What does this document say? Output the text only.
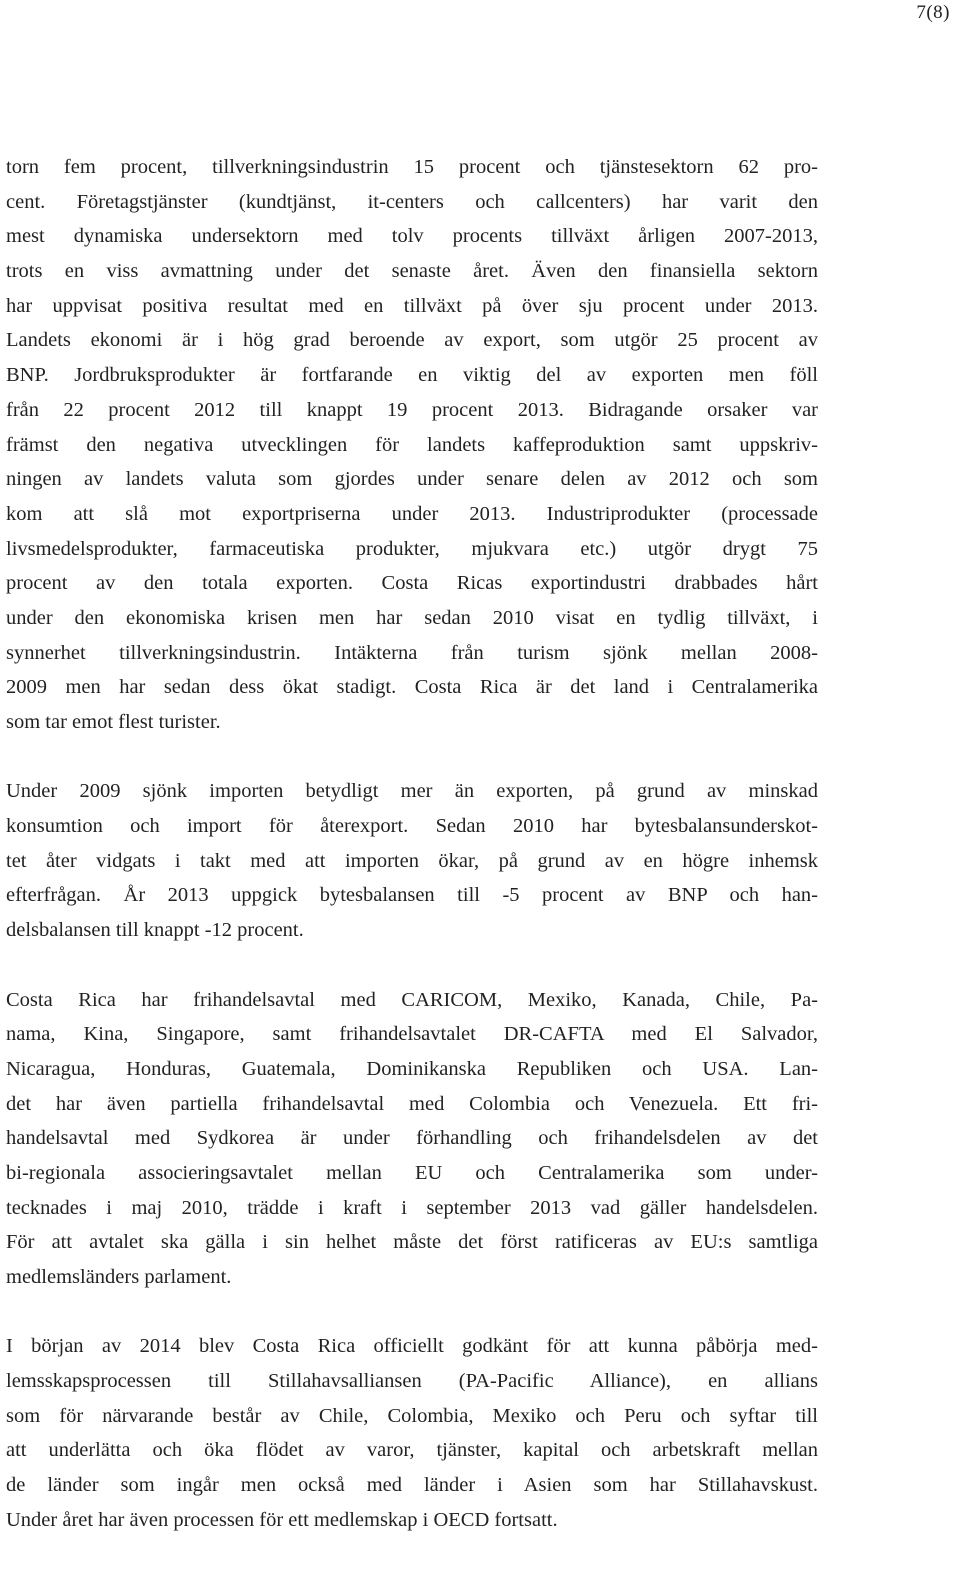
7(8)
torn fem procent, tillverkningsindustrin 15 procent och tjänstesektorn 62 pro-
cent. Företagstjänster (kundtjänst, it-centers och callcenters) har varit den
mest dynamiska undersektorn med tolv procents tillväxt årligen 2007-2013,
trots en viss avmattning under det senaste året. Även den finansiella sektorn
har uppvisat positiva resultat med en tillväxt på över sju procent under 2013.
Landets ekonomi är i hög grad beroende av export, som utgör 25 procent av
BNP. Jordbruksprodukter är fortfarande en viktig del av exporten men föll
från 22 procent 2012 till knappt 19 procent 2013. Bidragande orsaker var
främst den negativa utvecklingen för landets kaffeproduktion samt uppskriv-
ningen av landets valuta som gjordes under senare delen av 2012 och som
kom att slå mot exportpriserna under 2013. Industriprodukter (processade
livsmedelsprodukter, farmaceutiska produkter, mjukvara etc.) utgör drygt 75
procent av den totala exporten. Costa Ricas exportindustri drabbades hårt
under den ekonomiska krisen men har sedan 2010 visat en tydlig tillväxt, i
synnerhet tillverkningsindustrin. Intäkterna från turism sjönk mellan 2008-
2009 men har sedan dess ökat stadigt. Costa Rica är det land i Centralamerika
som tar emot flest turister.
Under 2009 sjönk importen betydligt mer än exporten, på grund av minskad
konsumtion och import för återexport. Sedan 2010 har bytesbalansunderskot-
tet åter vidgats i takt med att importen ökar, på grund av en högre inhemsk
efterfrågan. År 2013 uppgick bytesbalansen till -5 procent av BNP och han-
delsbalansen till knappt -12 procent.
Costa Rica har frihandelsavtal med CARICOM, Mexiko, Kanada, Chile, Pa-
nama, Kina, Singapore, samt frihandelsavtalet DR-CAFTA med El Salvador,
Nicaragua, Honduras, Guatemala, Dominikanska Republiken och USA. Lan-
det har även partiella frihandelsavtal med Colombia och Venezuela. Ett fri-
handelsavtal med Sydkorea är under förhandling och frihandelsdelen av det
bi-regionala associeringsavtalet mellan EU och Centralamerika som under-
tecknades i maj 2010, trädde i kraft i september 2013 vad gäller handelsdelen.
För att avtalet ska gälla i sin helhet måste det först ratificeras av EU:s samtliga
medlemsländers parlament.
I början av 2014 blev Costa Rica officiellt godkänt för att kunna påbörja med-
lemsskapsprocessen till Stillahavsalliansen (PA-Pacific Alliance), en allians
som för närvarande består av Chile, Colombia, Mexiko och Peru och syftar till
att underlätta och öka flödet av varor, tjänster, kapital och arbetskraft mellan
de länder som ingår men också med länder i Asien som har Stillahavskust.
Under året har även processen för ett medlemskap i OECD fortsatt.
